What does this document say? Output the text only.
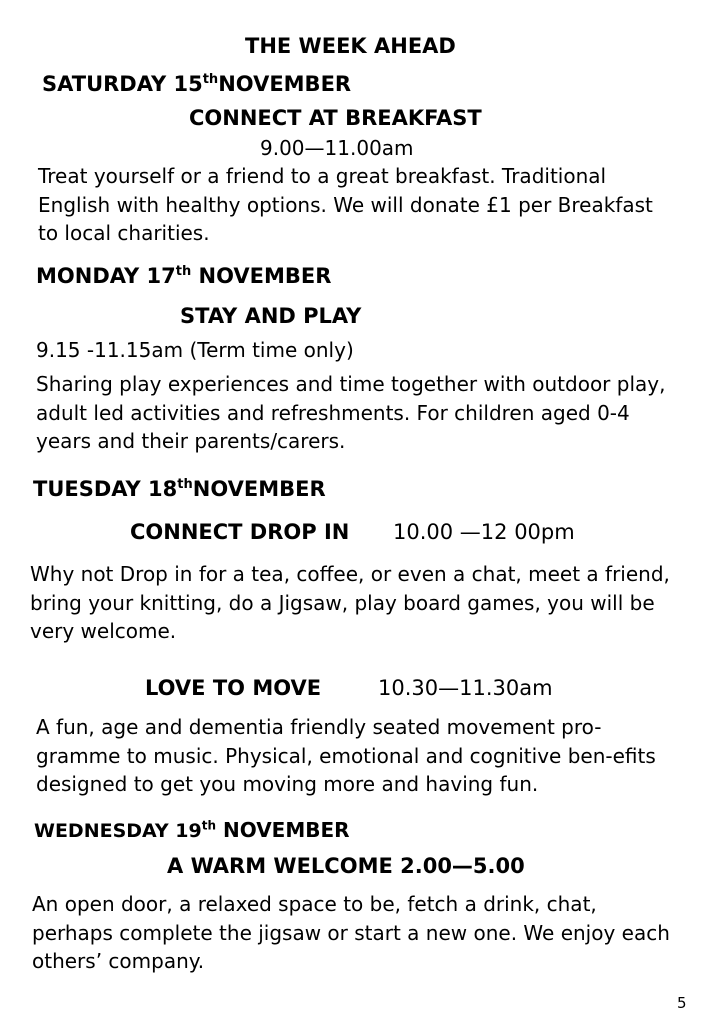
THE WEEK AHEAD
SATURDAY 15thNOVEMBER
CONNECT AT BREAKFAST
9.00—11.00am
Treat yourself or a friend to a great breakfast. Traditional English with healthy options. We will donate £1 per Breakfast to local charities.
MONDAY 17th NOVEMBER
STAY AND PLAY
9.15 -11.15am (Term time only)
Sharing play experiences and time together with outdoor play, adult led activities and refreshments. For children aged 0-4 years and their parents/carers.
TUESDAY 18thNOVEMBER
CONNECT DROP IN 10.00 —12 00pm
Why not Drop in for a tea, coffee, or even a chat, meet a friend, bring your knitting, do a Jigsaw, play board games, you will be very welcome.
LOVE TO MOVE	10.30—11.30am
A fun, age and dementia friendly seated movement pro-gramme to music. Physical, emotional and cognitive ben-efits designed to get you moving more and having fun.
WEDNESDAY 19th NOVEMBER
A WARM WELCOME 2.00—5.00
An open door, a relaxed space to be, fetch a drink, chat, perhaps complete the jigsaw or start a new one. We enjoy each others’ company.
5
